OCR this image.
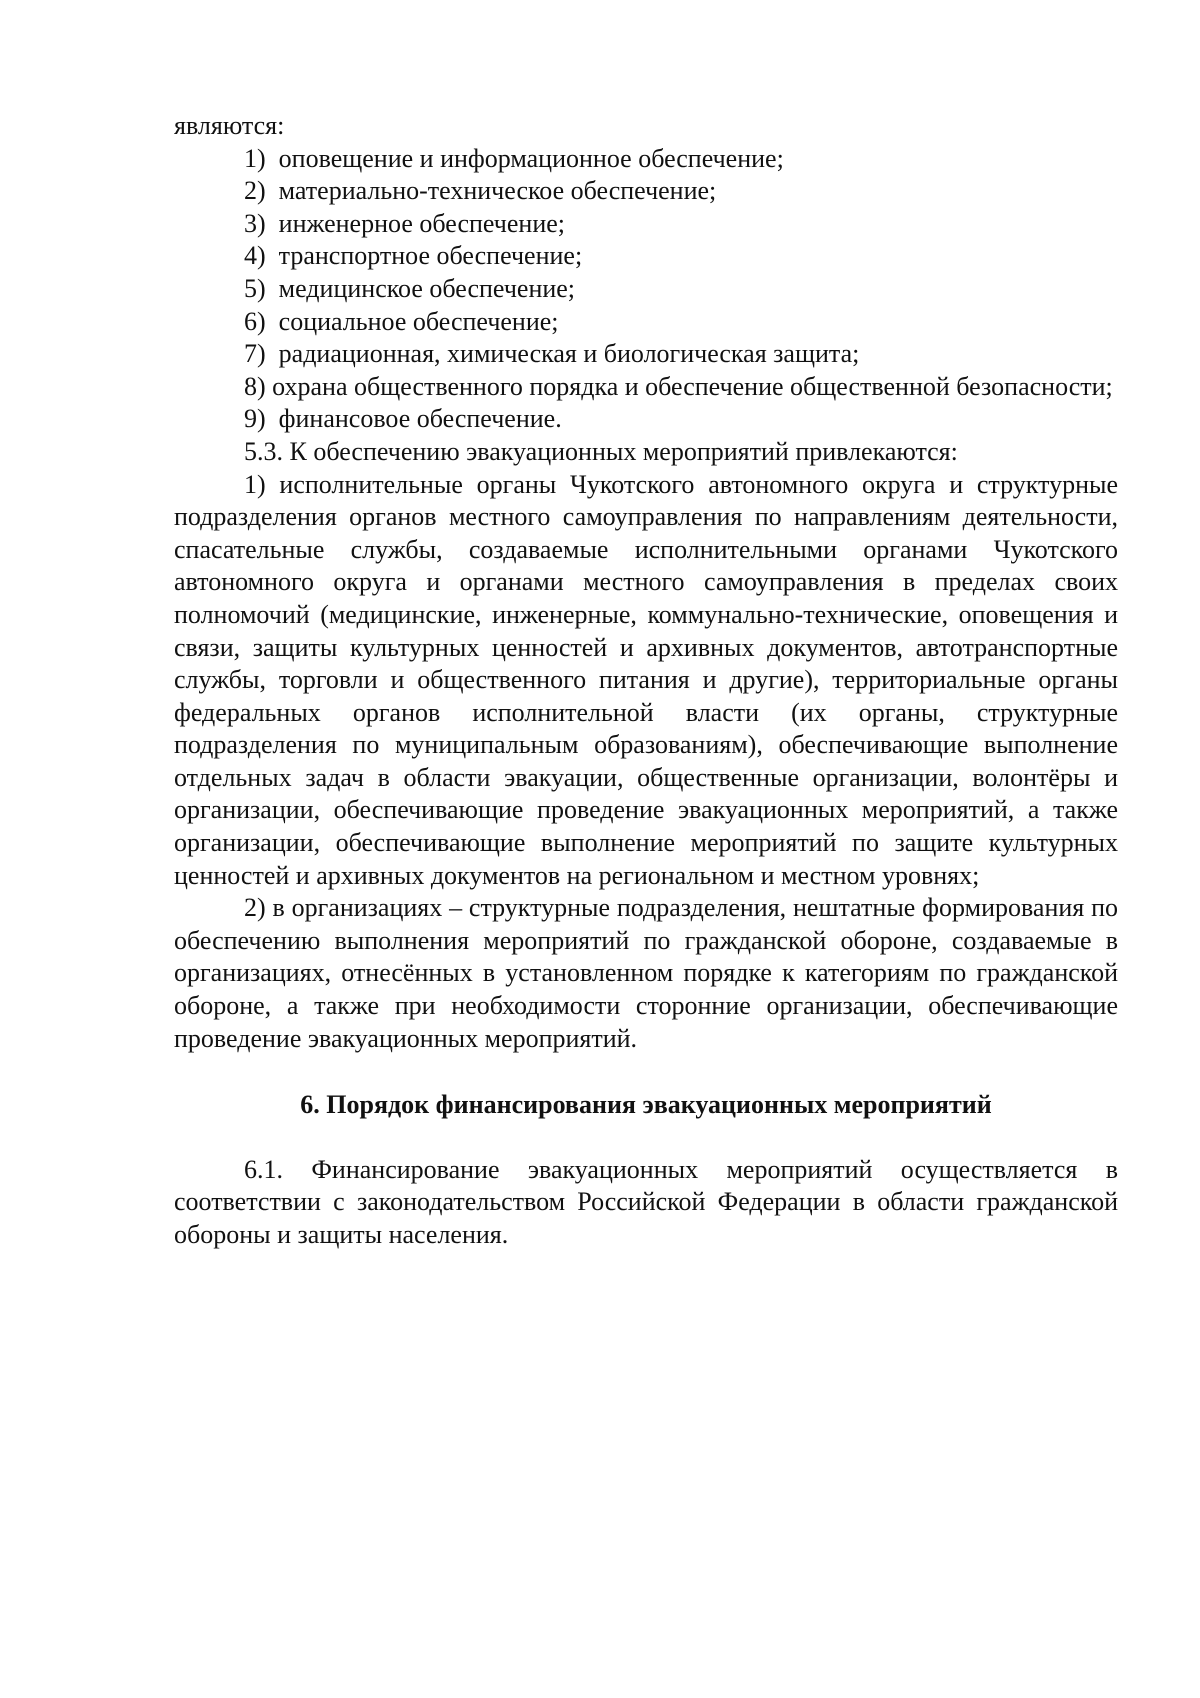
являются:

1)  оповещение и информационное обеспечение;

2)  материально-техническое обеспечение;

3)  инженерное обеспечение;

4)  транспортное обеспечение;

5)  медицинское обеспечение;

6)  социальное обеспечение;

7)  радиационная, химическая и биологическая защита;

8) охрана общественного порядка и обеспечение общественной безопасности;

9)  финансовое обеспечение.

5.3. К обеспечению эвакуационных мероприятий привлекаются:

1) исполнительные органы Чукотского автономного округа и структурные подразделения органов местного самоуправления по направлениям деятельности, спасательные службы, создаваемые исполнительными органами Чукотского автономного округа и органами местного самоуправления в пределах своих полномочий (медицинские, инженерные, коммунально-технические, оповещения и связи, защиты культурных ценностей и архивных документов, автотранспортные службы, торговли и общественного питания и другие), территориальные органы федеральных органов исполнительной власти (их органы, структурные подразделения по муниципальным образованиям), обеспечивающие выполнение отдельных задач в области эвакуации, общественные организации, волонтёры и организации, обеспечивающие проведение эвакуационных мероприятий, а также организации, обеспечивающие выполнение мероприятий по защите культурных ценностей и архивных документов на региональном и местном уровнях;

2) в организациях – структурные подразделения, нештатные формирования по обеспечению выполнения мероприятий по гражданской обороне, создаваемые в организациях, отнесённых в установленном порядке к категориям по гражданской обороне, а также при необходимости сторонние организации, обеспечивающие проведение эвакуационных мероприятий.

6. Порядок финансирования эвакуационных мероприятий

6.1. Финансирование эвакуационных мероприятий осуществляется в соответствии с законодательством Российской Федерации в области гражданской обороны и защиты населения.
